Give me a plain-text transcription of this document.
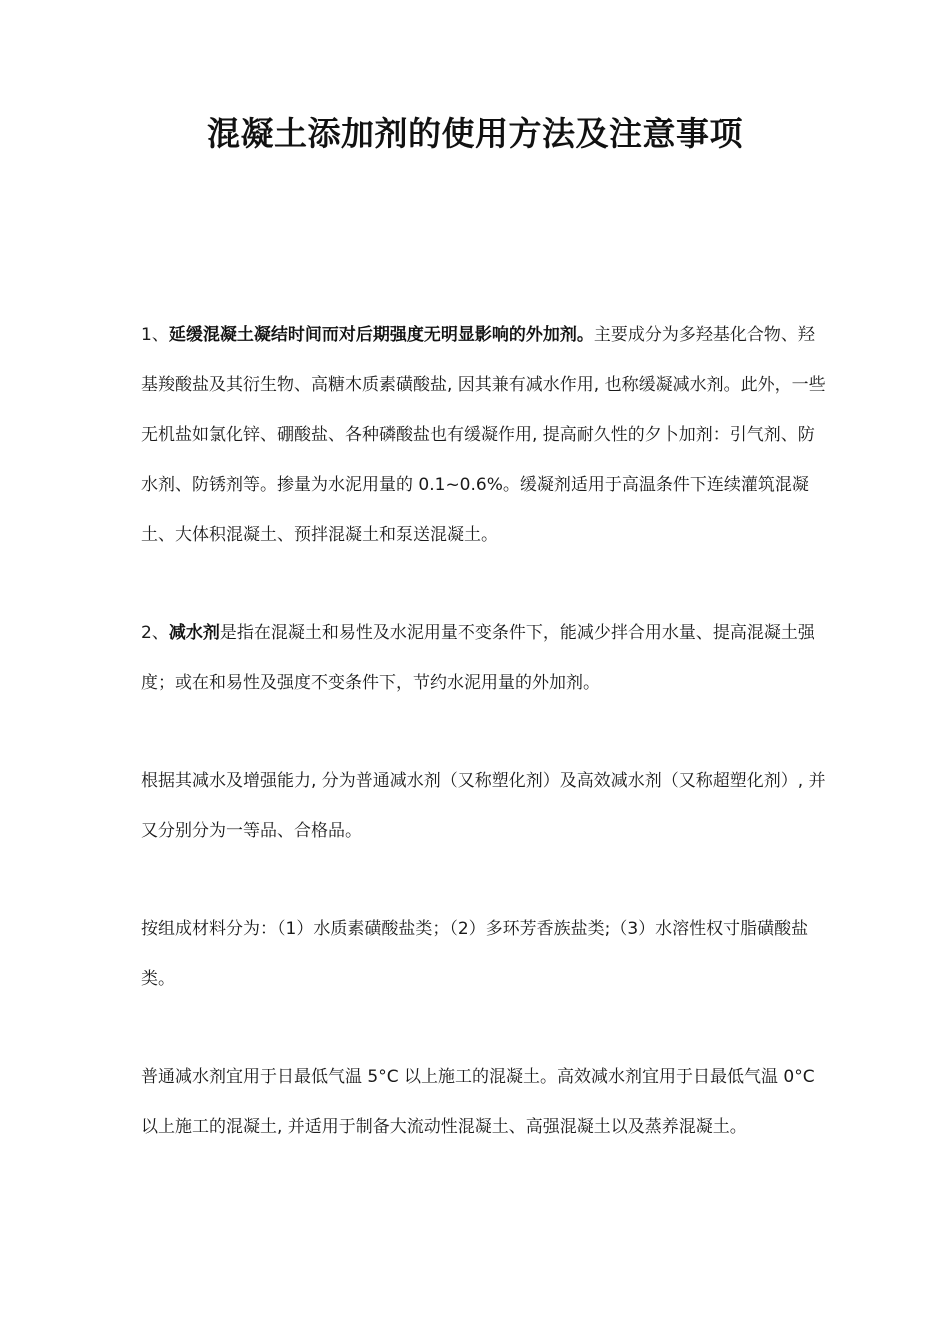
混凝土添加剂的使用方法及注意事项

1、延缓混凝土凝结时间而对后期强度无明显影响的外加剂。主要成分为多羟基化合物、羟基羧酸盐及其衍生物、高糖木质素磺酸盐, 因其兼有减水作用, 也称缓凝减水剂。此外，一些无机盐如氯化锌、硼酸盐、各种磷酸盐也有缓凝作用, 提高耐久性的夕卜加剂：引气剂、防水剂、防锈剂等。掺量为水泥用量的 0.1~0.6%。缓凝剂适用于高温条件下连续灌筑混凝土、大体积混凝土、预拌混凝土和泵送混凝土。

2、减水剂是指在混凝土和易性及水泥用量不变条件下，能减少拌合用水量、提高混凝土强度；或在和易性及强度不变条件下，节约水泥用量的外加剂。

根据其减水及增强能力, 分为普通减水剂（又称塑化剂）及高效减水剂（又称超塑化剂）, 并又分别分为一等品、合格品。

按组成材料分为：（1）水质素磺酸盐类；（2）多环芳香族盐类;（3）水溶性权寸脂磺酸盐类。

普通减水剂宜用于日最低气温 5°C 以上施工的混凝土。高效减水剂宜用于日最低气温 0°C 以上施工的混凝土, 并适用于制备大流动性混凝土、高强混凝土以及蒸养混凝土。
